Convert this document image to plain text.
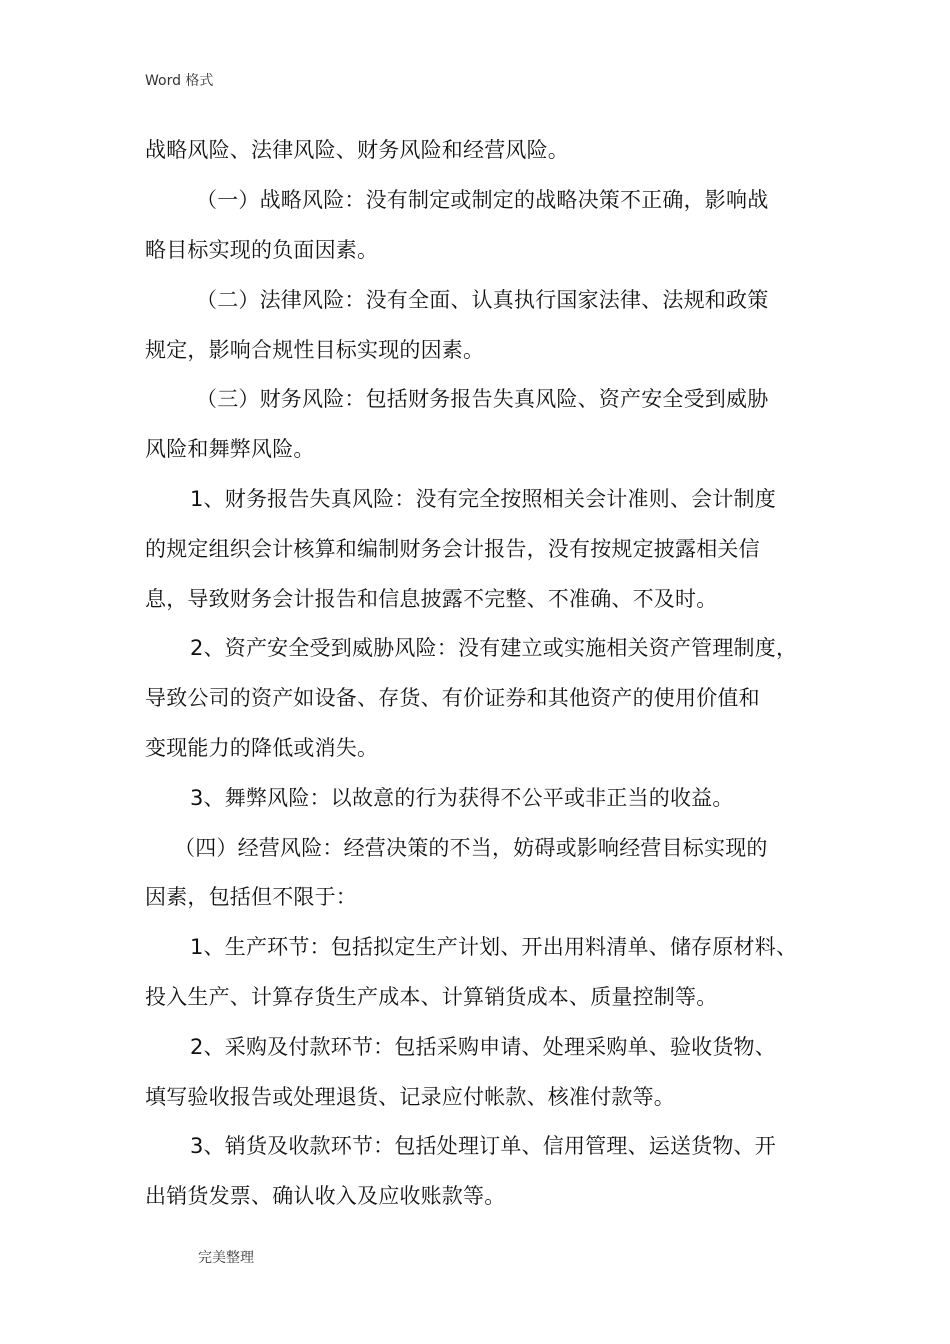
Word 格式
战略风险、法律风险、财务风险和经营风险。
（一）战略风险：没有制定或制定的战略决策不正确，影响战
略目标实现的负面因素。
（二）法律风险：没有全面、认真执行国家法律、法规和政策
规定，影响合规性目标实现的因素。
（三）财务风险：包括财务报告失真风险、资产安全受到威胁
风险和舞弊风险。
1、财务报告失真风险：没有完全按照相关会计准则、会计制度
的规定组织会计核算和编制财务会计报告，没有按规定披露相关信
息，导致财务会计报告和信息披露不完整、不准确、不及时。
2、资产安全受到威胁风险：没有建立或实施相关资产管理制度，
导致公司的资产如设备、存货、有价证券和其他资产的使用价值和
变现能力的降低或消失。
3、舞弊风险：以故意的行为获得不公平或非正当的收益。
（四）经营风险：经营决策的不当，妨碍或影响经营目标实现的
因素，包括但不限于：
1、生产环节：包括拟定生产计划、开出用料清单、储存原材料、
投入生产、计算存货生产成本、计算销货成本、质量控制等。
2、采购及付款环节：包括采购申请、处理采购单、验收货物、
填写验收报告或处理退货、记录应付帐款、核准付款等。
3、销货及收款环节：包括处理订单、信用管理、运送货物、开
出销货发票、确认收入及应收账款等。
完美整理
